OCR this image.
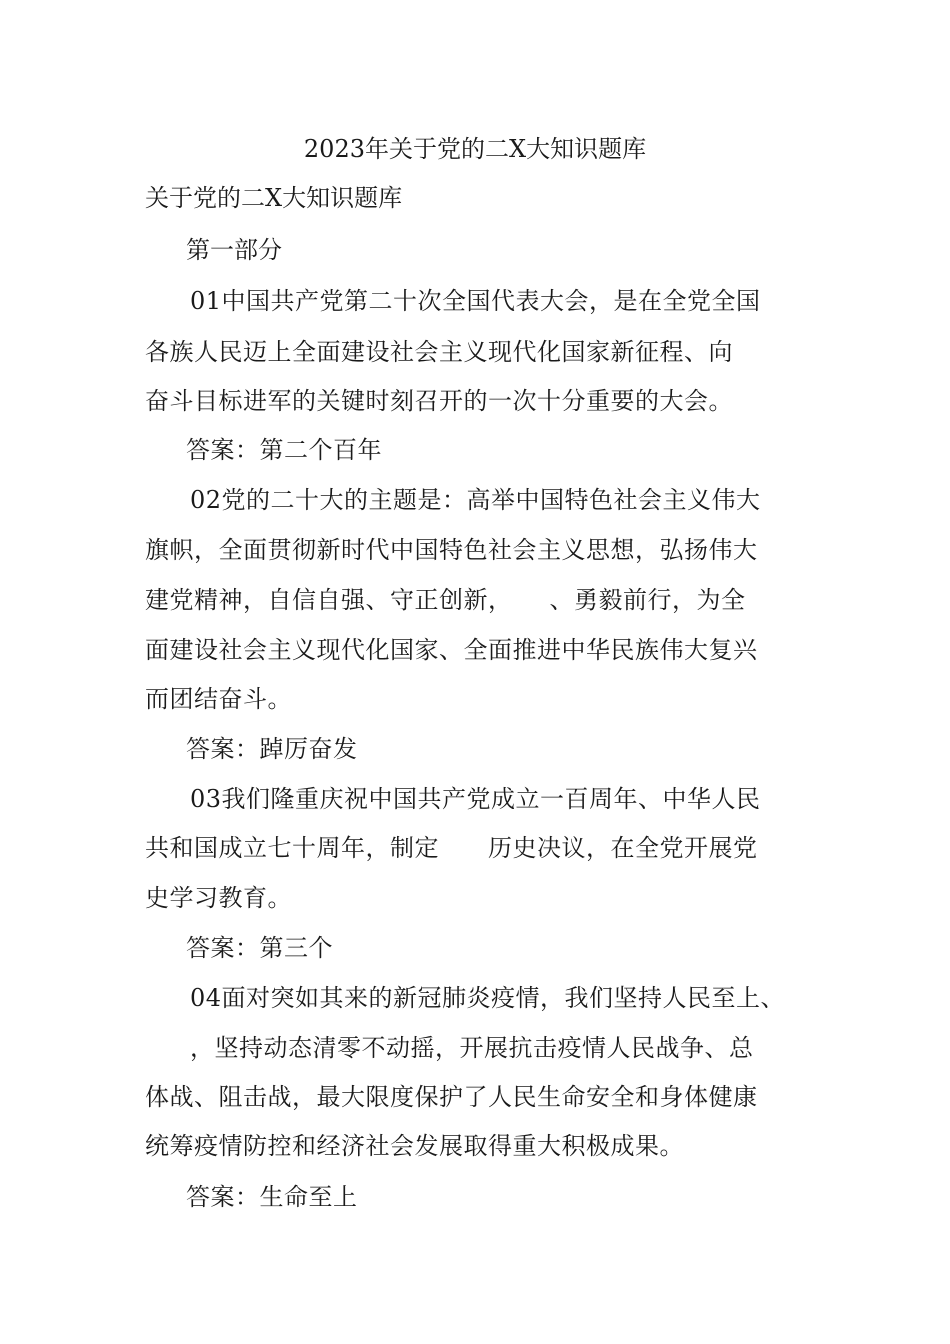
2023年关于党的二X大知识题库
关于党的二X大知识题库
第一部分
01中国共产党第二十次全国代表大会，是在全党全国
各族人民迈上全面建设社会主义现代化国家新征程、向
奋斗目标进军的关键时刻召开的一次十分重要的大会。
答案：第二个百年
02党的二十大的主题是：高举中国特色社会主义伟大
旗帜，全面贯彻新时代中国特色社会主义思想，弘扬伟大
建党精神，自信自强、守正创新，　　、勇毅前行，为全
面建设社会主义现代化国家、全面推进中华民族伟大复兴
而团结奋斗。
答案：踔厉奋发
03我们隆重庆祝中国共产党成立一百周年、中华人民
共和国成立七十周年，制定　　历史决议，在全党开展党
史学习教育。
答案：第三个
04面对突如其来的新冠肺炎疫情，我们坚持人民至上、
，坚持动态清零不动摇，开展抗击疫情人民战争、总
体战、阻击战，最大限度保护了人民生命安全和身体健康
统筹疫情防控和经济社会发展取得重大积极成果。
答案：生命至上
